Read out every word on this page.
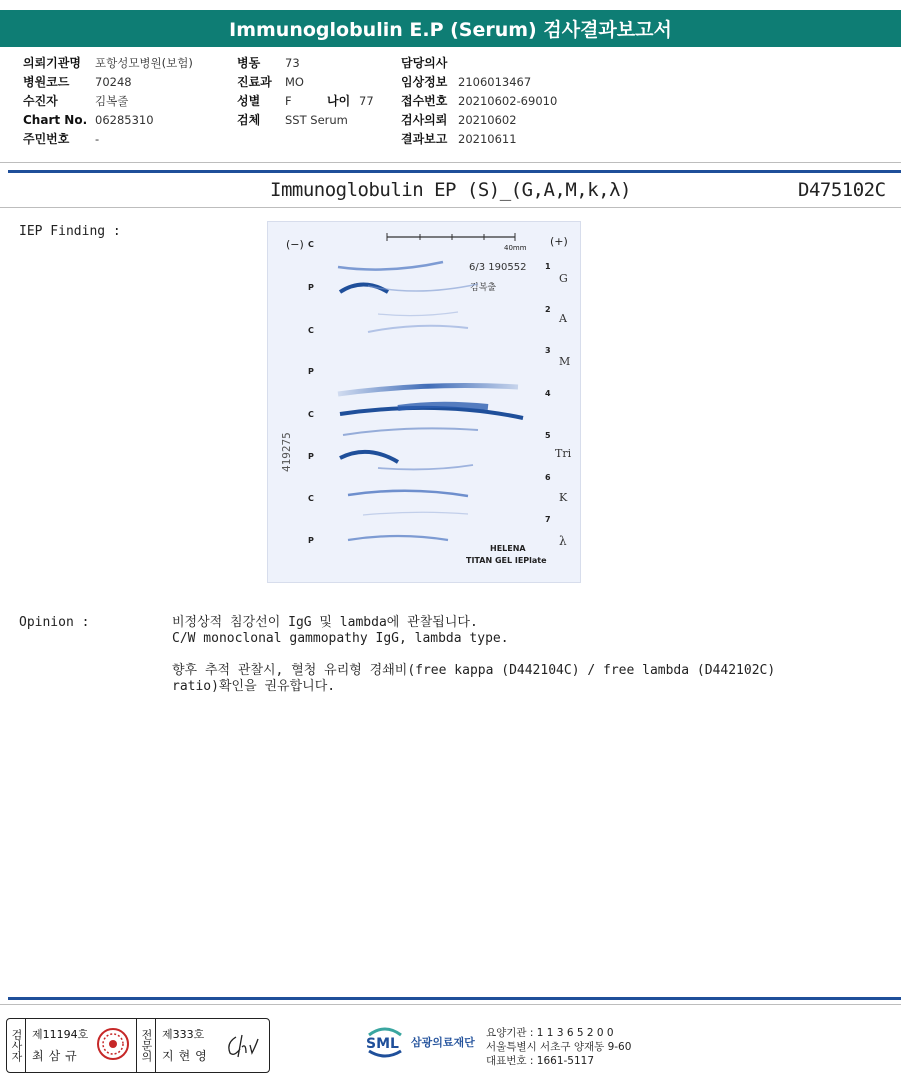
Immunoglobulin E.P (Serum) 검사결과보고서
의뢰기관명	포항성모병원(보험)
병원코드	70248
수진자	김복줄
Chart No. 06285310
주민번호	-
병동	73
진료과	MO
성별	F	나이 77
검체	SST Serum
담당의사
임상정보 2106013467
접수번호 20210602-69010
검사의뢰 20210602
결과보고 20210611
Immunoglobulin EP (S)_(G,A,M,k,λ)	D475102C
IEP Finding :
(−)	(+)
40mm
C
P
C
P
C
P
C
P
1
2
3
4
5
6
7
G
A
M
Tri
K
λ
6/3 190552
김복출
419275
HELENA
TITAN GEL IEPlate
Opinion :	비정상적 침강선이 IgG 및 lambda에 관찰됩니다.

C/W monoclonal gammopathy IgG, lambda type.

향후 추적 관찰시, 혈청 유리형 경쇄비(free kappa (D442104C) / free lambda (D442102C)

ratio)확인을 권유합니다.

검사자 제11194호
최삼규	전문의 제333호
지현영
SML 삼광의료재단
요양기관 : 1 1 3 6 5 2 0 0
서울특별시 서초구 양재동 9-60
대표번호 : 1661-5117
